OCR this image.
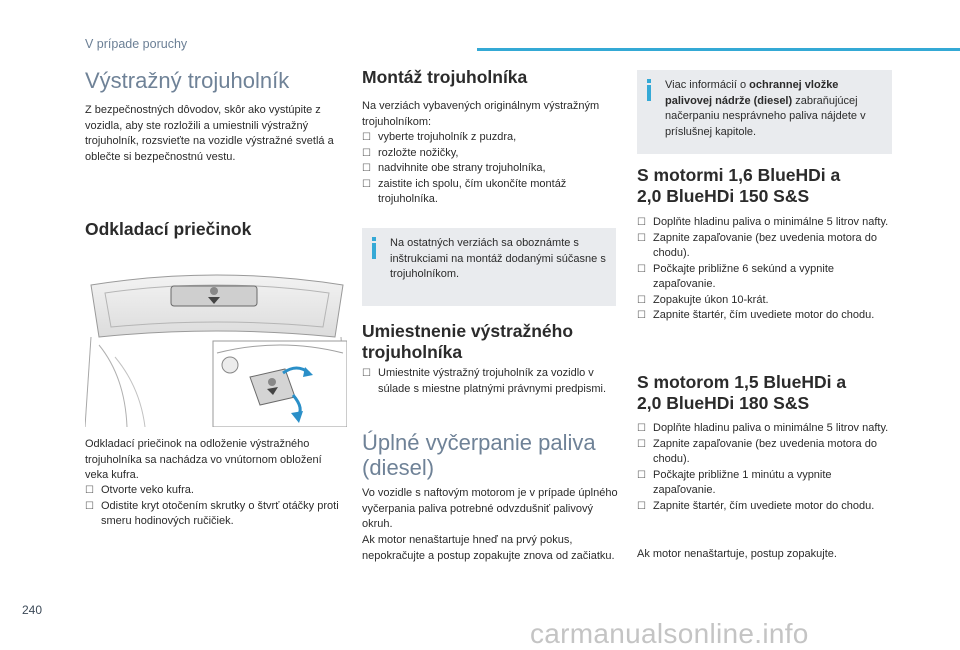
V prípade poruchy
Výstražný trojuholník

Z bezpečnostných dôvodov, skôr ako vystúpite z vozidla, aby ste rozložili a umiestnili výstražný trojuholník, rozsvieťte na vozidle výstražné svetlá a oblečte si bezpečnostnú vestu.

Odkladací priečinok

Odkladací priečinok na odloženie výstražného trojuholníka sa nachádza vo vnútornom obložení veka kufra.

☐ Otvorte veko kufra.
☐ Odistite kryt otočením skrutky o štvrť otáčky proti smeru hodinových ručičiek.
Montáž trojuholníka

Na verziách vybavených originálnym výstražným trojuholníkom:

☐ vyberte trojuholník z puzdra,
☐ rozložte nožičky,
☐ nadvihnite obe strany trojuholníka,
☐ zaistite ich spolu, čím ukončíte montáž trojuholníka.

Na ostatných verziách sa oboznámte s inštrukciami na montáž dodanými súčasne s trojuholníkom.

Umiestnenie výstražného trojuholníka
☐ Umiestnite výstražný trojuholník za vozidlo v súlade s miestne platnými právnymi predpismi.
Úplné vyčerpanie paliva (diesel)

Vo vozidle s naftovým motorom je v prípade úplného vyčerpania paliva potrebné odvzdušniť palivový okruh.

Ak motor nenaštartuje hneď na prvý pokus, nepokračujte a postup zopakujte znova od začiatku.

Viac informácií o ochrannej vložke palivovej nádrže (diesel) zabraňujúcej načerpaniu nesprávneho paliva nájdete v príslušnej kapitole.

S motormi 1,6 BlueHDi a 2,0 BlueHDi 150 S&S
☐ Doplňte hladinu paliva o minimálne 5 litrov nafty.
☐ Zapnite zapaľovanie (bez uvedenia motora do chodu).
☐ Počkajte približne 6 sekúnd a vypnite zapaľovanie.
☐ Zopakujte úkon 10-krát.
☐ Zapnite štartér, čím uvediete motor do chodu.
S motorom 1,5 BlueHDi a 2,0 BlueHDi 180 S&S
☐ Doplňte hladinu paliva o minimálne 5 litrov nafty.
☐ Zapnite zapaľovanie (bez uvedenia motora do chodu).
☐ Počkajte približne 1 minútu a vypnite zapaľovanie.
☐ Zapnite štartér, čím uvediete motor do chodu.

Ak motor nenaštartuje, postup zopakujte.

240
carmanualsonline.info
